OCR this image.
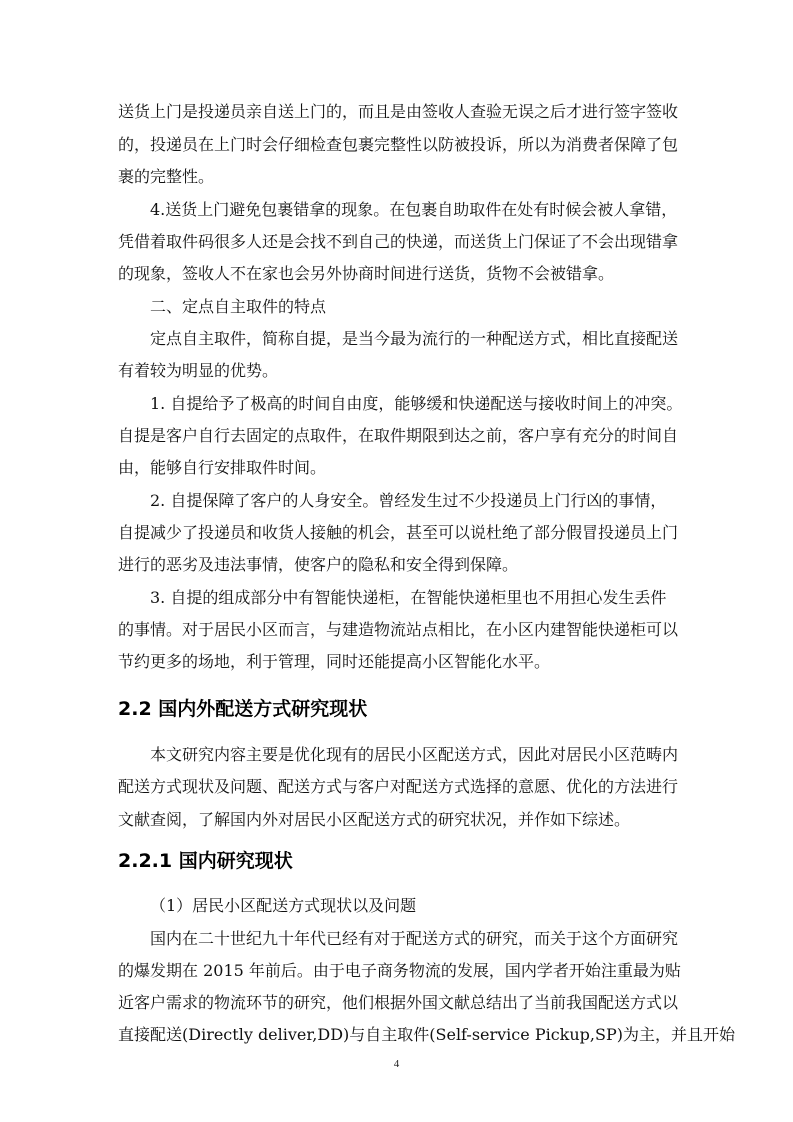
送货上门是投递员亲自送上门的，而且是由签收人查验无误之后才进行签字签收
的，投递员在上门时会仔细检查包裹完整性以防被投诉，所以为消费者保障了包
裹的完整性。
4.送货上门避免包裹错拿的现象。在包裹自助取件在处有时候会被人拿错，
凭借着取件码很多人还是会找不到自己的快递，而送货上门保证了不会出现错拿
的现象，签收人不在家也会另外协商时间进行送货，货物不会被错拿。
二、定点自主取件的特点
定点自主取件，简称自提，是当今最为流行的一种配送方式，相比直接配送
有着较为明显的优势。
1. 自提给予了极高的时间自由度，能够缓和快递配送与接收时间上的冲突。
自提是客户自行去固定的点取件，在取件期限到达之前，客户享有充分的时间自
由，能够自行安排取件时间。
2. 自提保障了客户的人身安全。曾经发生过不少投递员上门行凶的事情，
自提减少了投递员和收货人接触的机会，甚至可以说杜绝了部分假冒投递员上门
进行的恶劣及违法事情，使客户的隐私和安全得到保障。
3. 自提的组成部分中有智能快递柜，在智能快递柜里也不用担心发生丢件
的事情。对于居民小区而言，与建造物流站点相比，在小区内建智能快递柜可以
节约更多的场地，利于管理，同时还能提高小区智能化水平。
2.2 国内外配送方式研究现状
本文研究内容主要是优化现有的居民小区配送方式，因此对居民小区范畴内
配送方式现状及问题、配送方式与客户对配送方式选择的意愿、优化的方法进行
文献查阅，了解国内外对居民小区配送方式的研究状况，并作如下综述。
2.2.1 国内研究现状
（1）居民小区配送方式现状以及问题
国内在二十世纪九十年代已经有对于配送方式的研究，而关于这个方面研究
的爆发期在 2015 年前后。由于电子商务物流的发展，国内学者开始注重最为贴
近客户需求的物流环节的研究，他们根据外国文献总结出了当前我国配送方式以
直接配送(Directly deliver,DD)与自主取件(Self-service Pickup,SP)为主，并且开始
4
